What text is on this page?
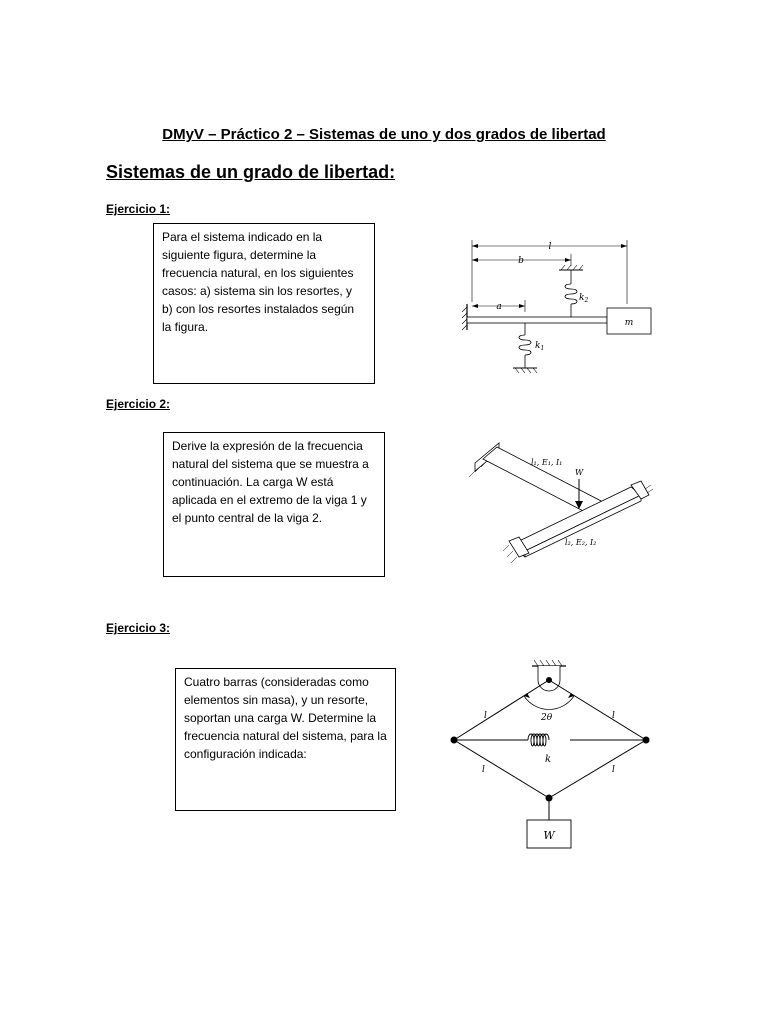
DMyV – Práctico 2 – Sistemas de uno y dos grados de libertad
Sistemas de un grado de libertad:
Ejercicio 1:

Para el sistema indicado en la siguiente figura, determine la frecuencia natural, en los siguientes casos: a) sistema sin los resortes, y b) con los resortes instalados según la figura.

l
b
a
m
$k_2$
$k_1$
Ejercicio 2:

Derive la expresión de la frecuencia natural del sistema que se muestra a continuación. La carga W está aplicada en el extremo de la viga 1 y el punto central de la viga 2.

l₁, E₁, I₁
W
l₂, E₂, I₂
Ejercicio 3:

Cuatro barras (consideradas como elementos sin masa), y un resorte, soportan una carga W. Determine la frecuencia natural del sistema, para la configuración indicada:

2θ
l	l
l	l
k
W
